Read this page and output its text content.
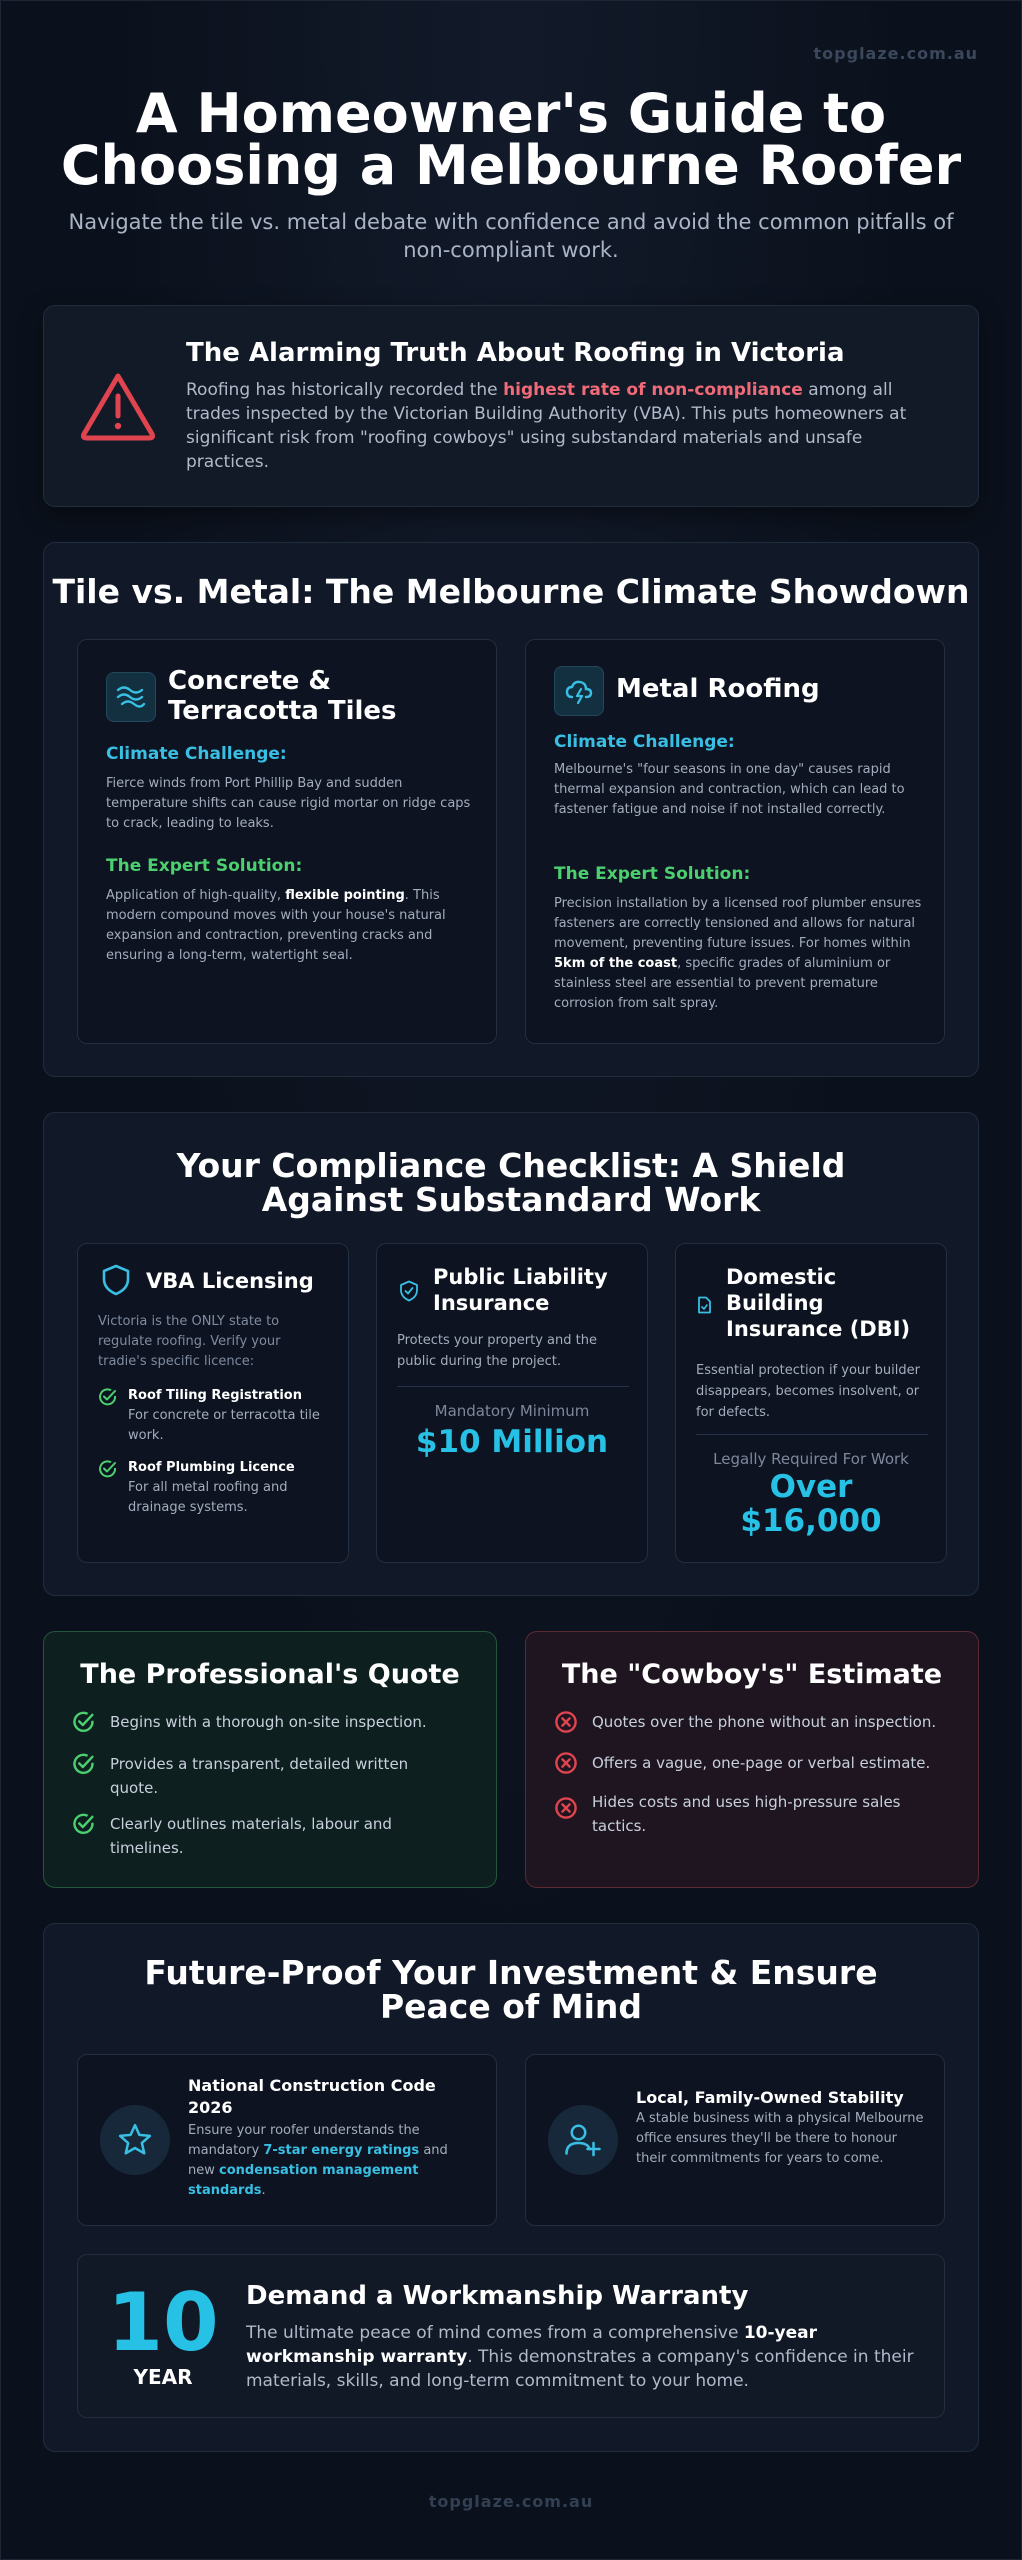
topglaze.com.au
A Homeowner's Guide to
Choosing a Melbourne Roofer

Navigate the tile vs. metal debate with confidence and avoid the common pitfalls of non-compliant work.

The Alarming Truth About Roofing in Victoria

Roofing has historically recorded the highest rate of non-compliance among all trades inspected by the Victorian Building Authority (VBA). This puts homeowners at significant risk from "roofing cowboys" using substandard materials and unsafe practices.

Tile vs. Metal: The Melbourne Climate Showdown
Concrete & Terracotta Tiles
Climate Challenge:

Fierce winds from Port Phillip Bay and sudden temperature shifts can cause rigid mortar on ridge caps to crack, leading to leaks.

The Expert Solution:

Application of high-quality, flexible pointing. This modern compound moves with your house's natural expansion and contraction, preventing cracks and ensuring a long-term, watertight seal.

Metal Roofing
Climate Challenge:

Melbourne's "four seasons in one day" causes rapid thermal expansion and contraction, which can lead to fastener fatigue and noise if not installed correctly.

The Expert Solution:

Precision installation by a licensed roof plumber ensures fasteners are correctly tensioned and allows for natural movement, preventing future issues. For homes within 5km of the coast, specific grades of aluminium or stainless steel are essential to prevent premature corrosion from salt spray.

Your Compliance Checklist: A Shield Against Substandard Work
VBA Licensing

Victoria is the ONLY state to regulate roofing. Verify your tradie's specific licence:

Roof Tiling Registration
For concrete or terracotta tile work.
Roof Plumbing Licence
For all metal roofing and drainage systems.
Public Liability Insurance

Protects your property and the public during the project.

Mandatory Minimum
$10 Million
Domestic Building Insurance (DBI)

Essential protection if your builder disappears, becomes insolvent, or for defects.

Legally Required For Work
Over
$16,000
The Professional's Quote
Begins with a thorough on-site inspection.
Provides a transparent, detailed written quote.
Clearly outlines materials, labour and timelines.
The "Cowboy's" Estimate
Quotes over the phone without an inspection.
Offers a vague, one-page or verbal estimate.
Hides costs and uses high-pressure sales tactics.
Future-Proof Your Investment & Ensure Peace of Mind
National Construction Code 2026

Ensure your roofer understands the mandatory 7-star energy ratings and new condensation management standards.

Local, Family-Owned Stability

A stable business with a physical Melbourne office ensures they'll be there to honour their commitments for years to come.

10
YEAR
Demand a Workmanship Warranty

The ultimate peace of mind comes from a comprehensive 10-year workmanship warranty. This demonstrates a company's confidence in their materials, skills, and long-term commitment to your home.

topglaze.com.au
